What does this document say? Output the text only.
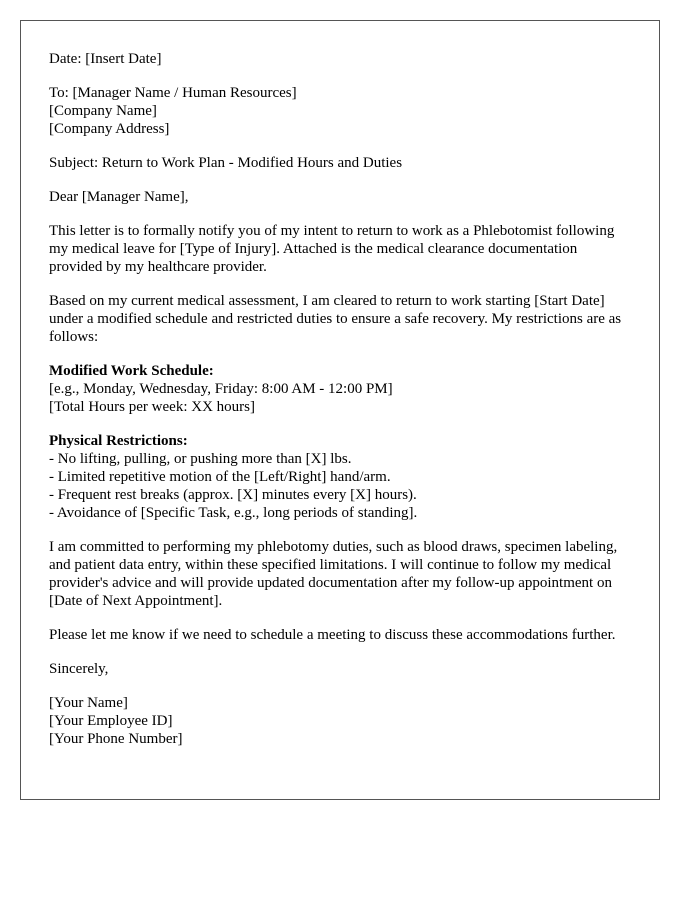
Date: [Insert Date]
To: [Manager Name / Human Resources]
[Company Name]
[Company Address]
Subject: Return to Work Plan - Modified Hours and Duties
Dear [Manager Name],

This letter is to formally notify you of my intent to return to work as a Phlebotomist following my medical leave for [Type of Injury]. Attached is the medical clearance documentation provided by my healthcare provider.

Based on my current medical assessment, I am cleared to return to work starting [Start Date] under a modified schedule and restricted duties to ensure a safe recovery. My restrictions are as follows:

Modified Work Schedule:
[e.g., Monday, Wednesday, Friday: 8:00 AM - 12:00 PM]
[Total Hours per week: XX hours]
Physical Restrictions:
- No lifting, pulling, or pushing more than [X] lbs.
- Limited repetitive motion of the [Left/Right] hand/arm.
- Frequent rest breaks (approx. [X] minutes every [X] hours).
- Avoidance of [Specific Task, e.g., long periods of standing].

I am committed to performing my phlebotomy duties, such as blood draws, specimen labeling, and patient data entry, within these specified limitations. I will continue to follow my medical provider's advice and will provide updated documentation after my follow-up appointment on [Date of Next Appointment].

Please let me know if we need to schedule a meeting to discuss these accommodations further.

Sincerely,
[Your Name]
[Your Employee ID]
[Your Phone Number]
